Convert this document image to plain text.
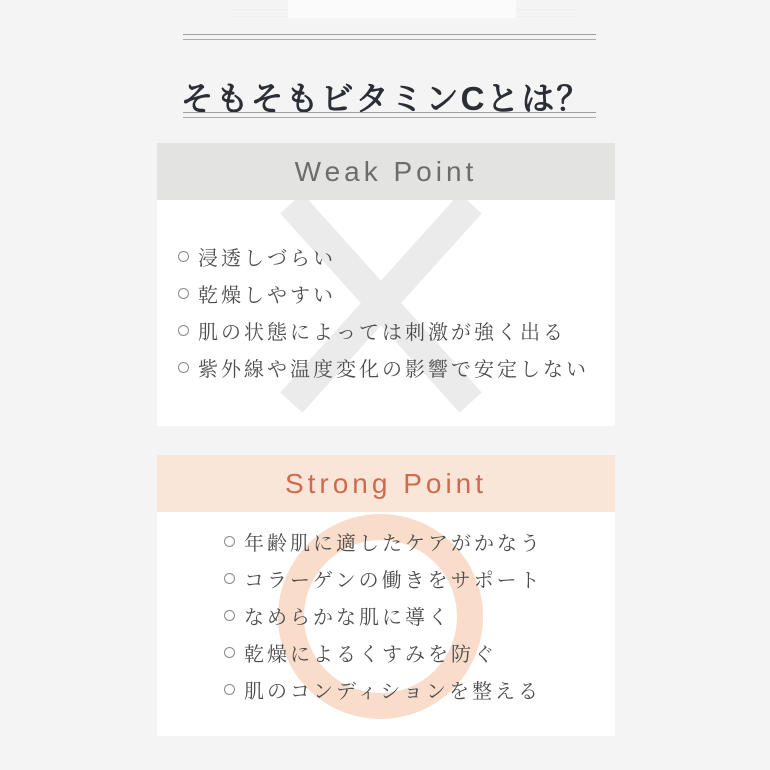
そもそもビタミンCとは？
Weak Point
浸透しづらい
乾燥しやすい
肌の状態によっては刺激が強く出る
紫外線や温度変化の影響で安定しない
Strong Point
年齢肌に適したケアがかなう
コラーゲンの働きをサポート
なめらかな肌に導く
乾燥によるくすみを防ぐ
肌のコンディションを整える
